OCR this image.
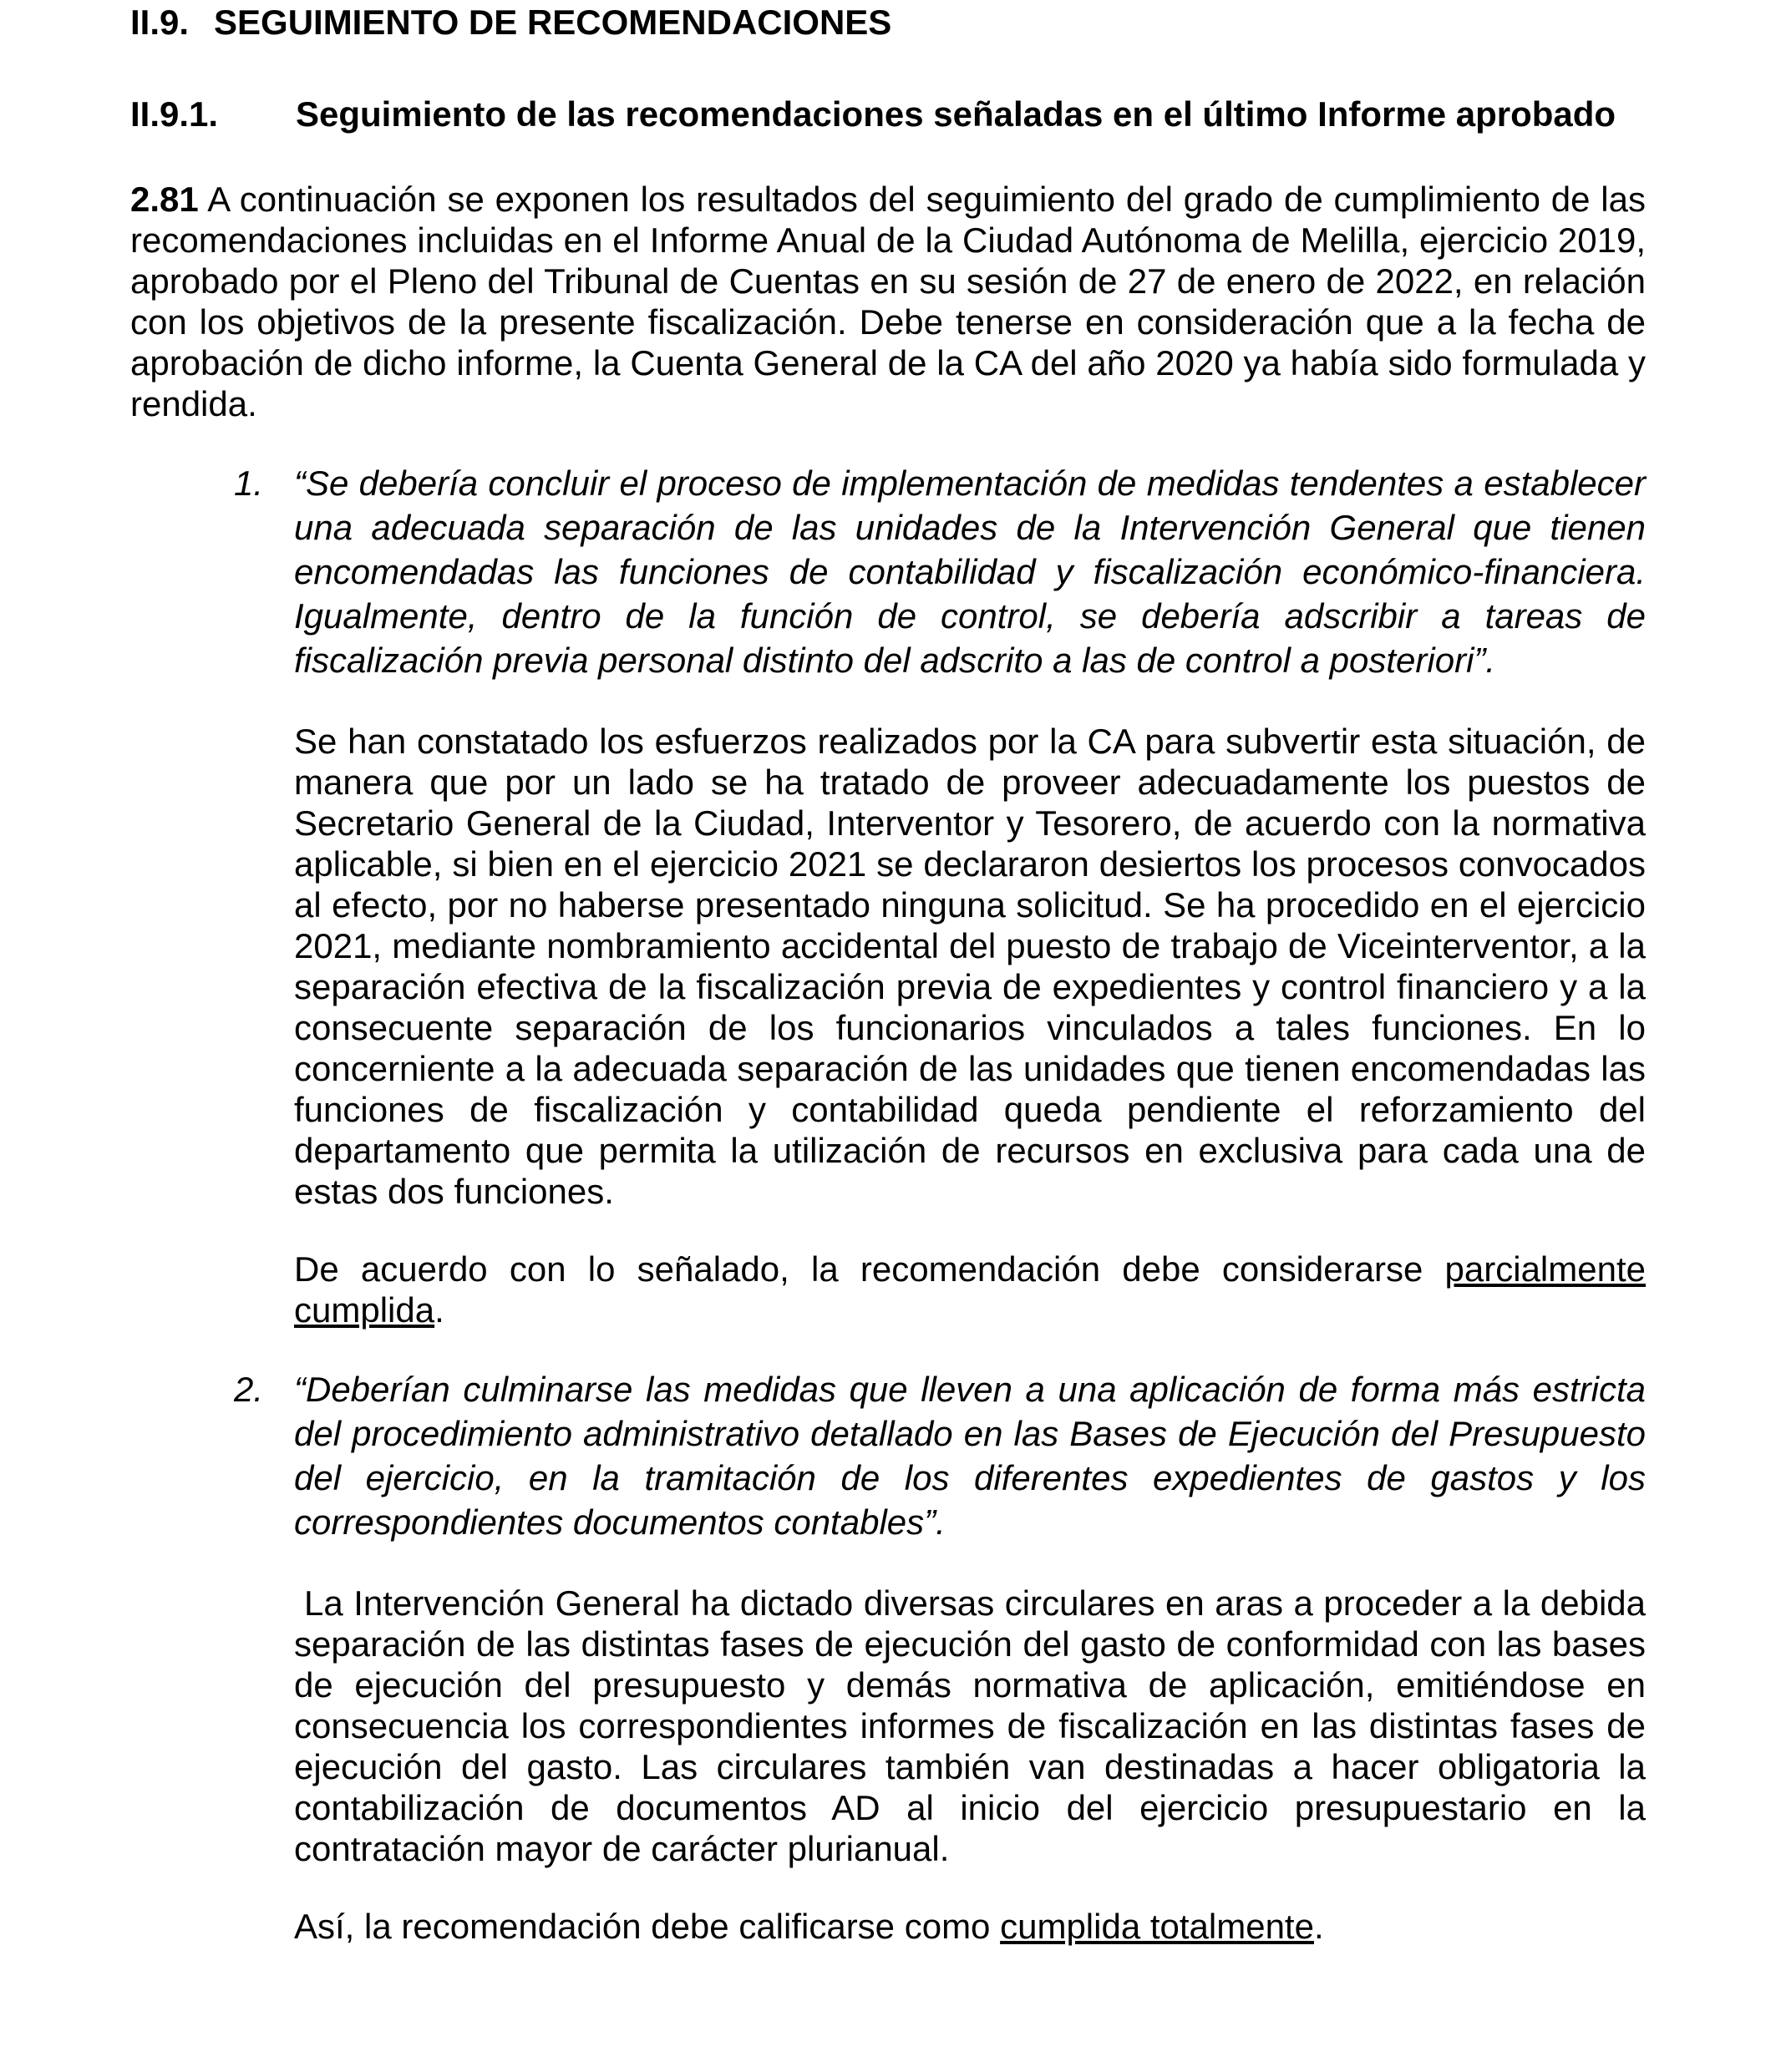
II.9. SEGUIMIENTO DE RECOMENDACIONES
II.9.1.	Seguimiento de las recomendaciones señaladas en el último Informe aprobado

2.81 A continuación se exponen los resultados del seguimiento del grado de cumplimiento de las recomendaciones incluidas en el Informe Anual de la Ciudad Autónoma de Melilla, ejercicio 2019, aprobado por el Pleno del Tribunal de Cuentas en su sesión de 27 de enero de 2022, en relación con los objetivos de la presente fiscalización. Debe tenerse en consideración que a la fecha de aprobación de dicho informe, la Cuenta General de la CA del año 2020 ya había sido formulada y rendida.

1. “Se debería concluir el proceso de implementación de medidas tendentes a establecer una adecuada separación de las unidades de la Intervención General que tienen encomendadas las funciones de contabilidad y fiscalización económico-financiera. Igualmente, dentro de la función de control, se debería adscribir a tareas de fiscalización previa personal distinto del adscrito a las de control a posteriori”.

Se han constatado los esfuerzos realizados por la CA para subvertir esta situación, de manera que por un lado se ha tratado de proveer adecuadamente los puestos de Secretario General de la Ciudad, Interventor y Tesorero, de acuerdo con la normativa aplicable, si bien en el ejercicio 2021 se declararon desiertos los procesos convocados al efecto, por no haberse presentado ninguna solicitud. Se ha procedido en el ejercicio 2021, mediante nombramiento accidental del puesto de trabajo de Viceinterventor, a la separación efectiva de la fiscalización previa de expedientes y control financiero y a la consecuente separación de los funcionarios vinculados a tales funciones. En lo concerniente a la adecuada separación de las unidades que tienen encomendadas las funciones de fiscalización y contabilidad queda pendiente el reforzamiento del departamento que permita la utilización de recursos en exclusiva para cada una de estas dos funciones.

De acuerdo con lo señalado, la recomendación debe considerarse parcialmente cumplida.

2. “Deberían culminarse las medidas que lleven a una aplicación de forma más estricta del procedimiento administrativo detallado en las Bases de Ejecución del Presupuesto del ejercicio, en la tramitación de los diferentes expedientes de gastos y los correspondientes documentos contables”.

La Intervención General ha dictado diversas circulares en aras a proceder a la debida separación de las distintas fases de ejecución del gasto de conformidad con las bases de ejecución del presupuesto y demás normativa de aplicación, emitiéndose en consecuencia los correspondientes informes de fiscalización en las distintas fases de ejecución del gasto. Las circulares también van destinadas a hacer obligatoria la contabilización de documentos AD al inicio del ejercicio presupuestario en la contratación mayor de carácter plurianual.

Así, la recomendación debe calificarse como cumplida totalmente.
